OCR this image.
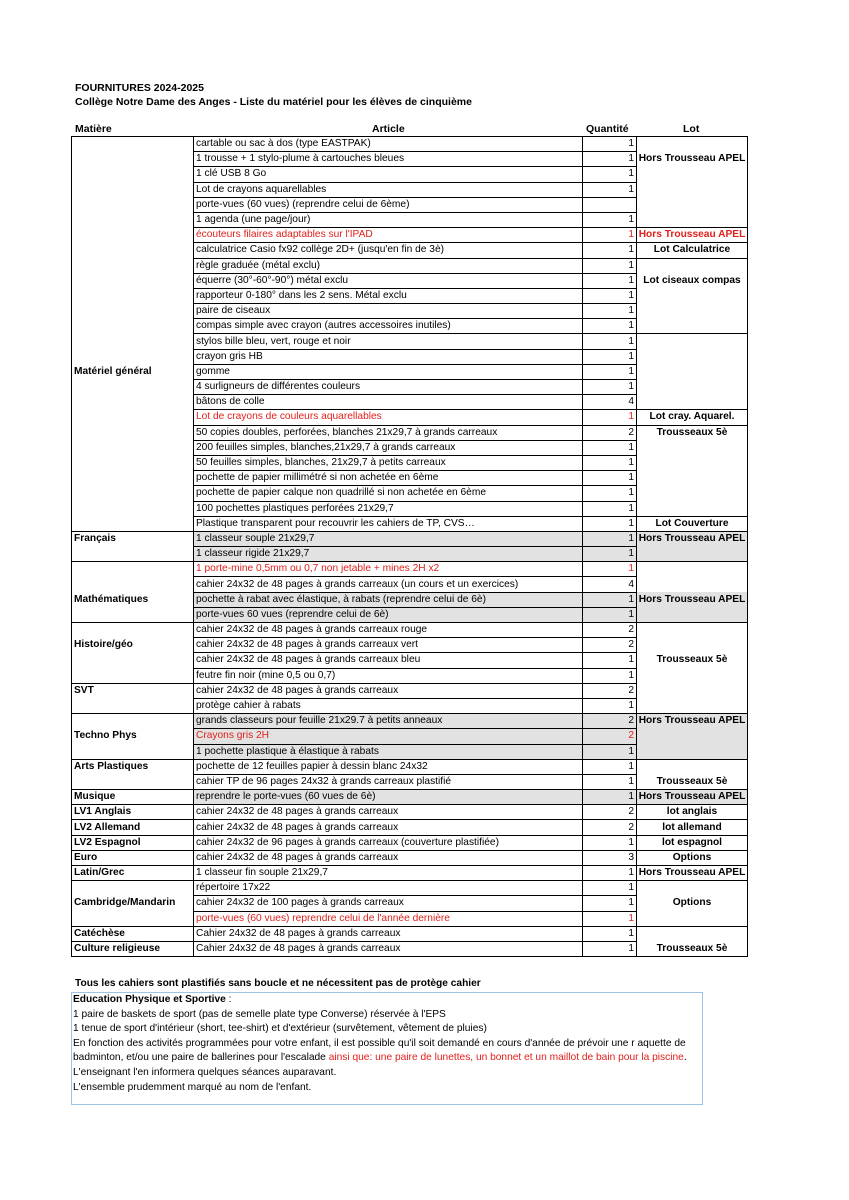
FOURNITURES 2024-2025
Collège Notre Dame des Anges - Liste du matériel pour les élèves de cinquième
Matière	Article	Quantité	Lot
	cartable ou sac à dos (type EASTPAK)	1	
	1 trousse + 1 stylo-plume à cartouches bleues	1	Hors Trousseau APEL
	1 clé USB 8 Go	1	
	Lot de crayons aquarellables	1	
	porte-vues (60 vues) (reprendre celui de 6ème)		
	1 agenda (une page/jour)	1	
	écouteurs filaires adaptables sur l'IPAD	1	Hors Trousseau APEL
	calculatrice Casio fx92 collège 2D+ (jusqu'en fin de 3è)	1	Lot Calculatrice
	règle graduée (métal exclu)	1	
	équerre (30°-60°-90°) métal exclu	1	Lot ciseaux compas
	rapporteur 0-180° dans les 2 sens. Métal exclu	1	
	paire de ciseaux	1	
	compas simple avec crayon (autres accessoires inutiles)	1	
	stylos bille bleu, vert, rouge et noir	1	
	crayon gris HB	1	
Matériel général	gomme	1	
	4 surligneurs de différentes couleurs	1	
	bâtons de colle	4	
	Lot de crayons de couleurs aquarellables	1	Lot cray. Aquarel.
	50 copies doubles, perforées, blanches 21x29,7 à grands carreaux	2	Trousseaux 5è
	200 feuilles simples, blanches,21x29,7 à grands carreaux	1	
	50 feuilles simples, blanches, 21x29,7 à petits carreaux	1	
	pochette de papier millimétré si non achetée en 6ème	1	
	pochette de papier calque non quadrillé si non achetée en 6ème	1	
	100 pochettes plastiques perforées 21x29,7	1	
	Plastique transparent pour recouvrir les cahiers de TP, CVS…	1	Lot Couverture
Français	1 classeur souple 21x29,7	1	Hors Trousseau APEL
	1 classeur rigide 21x29,7	1	
	1 porte-mine 0,5mm ou 0,7 non jetable + mines 2H x2	1	
	cahier 24x32 de 48 pages à grands carreaux (un cours et un exercices)	4	
Mathématiques	pochette à rabat avec élastique, à rabats (reprendre celui de 6è)	1	Hors Trousseau APEL
	porte-vues 60 vues (reprendre celui de 6è)	1	
	cahier 24x32 de 48 pages à grands carreaux rouge	2	
Histoire/géo	cahier 24x32 de 48 pages à grands carreaux vert	2	
	cahier 24x32 de 48 pages à grands carreaux bleu	1	Trousseaux 5è
	feutre fin noir (mine 0,5 ou 0,7)	1	
SVT	cahier 24x32 de 48 pages à grands carreaux	2	
	protège cahier à rabats	1	
	grands classeurs pour feuille 21x29.7 à petits anneaux	2	Hors Trousseau APEL
Techno Phys	Crayons gris 2H	2	
	1 pochette plastique à élastique à rabats	1	
Arts Plastiques	pochette de 12 feuilles papier à dessin blanc 24x32	1	
	cahier TP de 96 pages 24x32 à grands carreaux plastifié	1	Trousseaux 5è
Musique	reprendre le porte-vues (60 vues de 6è)	1	Hors Trousseau APEL
LV1 Anglais	cahier 24x32 de 48 pages à grands carreaux	2	lot anglais
LV2 Allemand	cahier 24x32 de 48 pages à grands carreaux	2	lot allemand
LV2 Espagnol	cahier 24x32 de 96 pages à grands carreaux (couverture plastifiée)	1	lot espagnol
Euro	cahier 24x32 de 48 pages à grands carreaux	3	Options
Latin/Grec	1 classeur fin souple 21x29,7	1	Hors Trousseau APEL
	répertoire 17x22	1	
Cambridge/Mandarin	cahier 24x32 de 100 pages à grands carreaux	1	Options
	porte-vues (60 vues) reprendre celui de l'année dernière	1	
Catéchèse	Cahier 24x32 de 48 pages à grands carreaux	1	
Culture religieuse	Cahier 24x32 de 48 pages à grands carreaux	1	Trousseaux 5è
Tous les cahiers sont plastifiés sans boucle et ne nécessitent pas de protège cahier
Education Physique et Sportive :
1 paire de baskets de sport (pas de semelle plate type Converse) réservée à l'EPS
1 tenue de sport d'intérieur (short, tee-shirt) et d'extérieur (survêtement, vêtement de pluies)
En fonction des activités programmées pour votre enfant, il est possible qu'il soit demandé en cours d'année de prévoir une r aquette de
badminton, et/ou une paire de ballerines pour l'escalade ainsi que: une paire de lunettes, un bonnet et un maillot de bain pour la piscine.
L'enseignant l'en informera quelques séances auparavant.
L'ensemble prudemment marqué au nom de l'enfant.
